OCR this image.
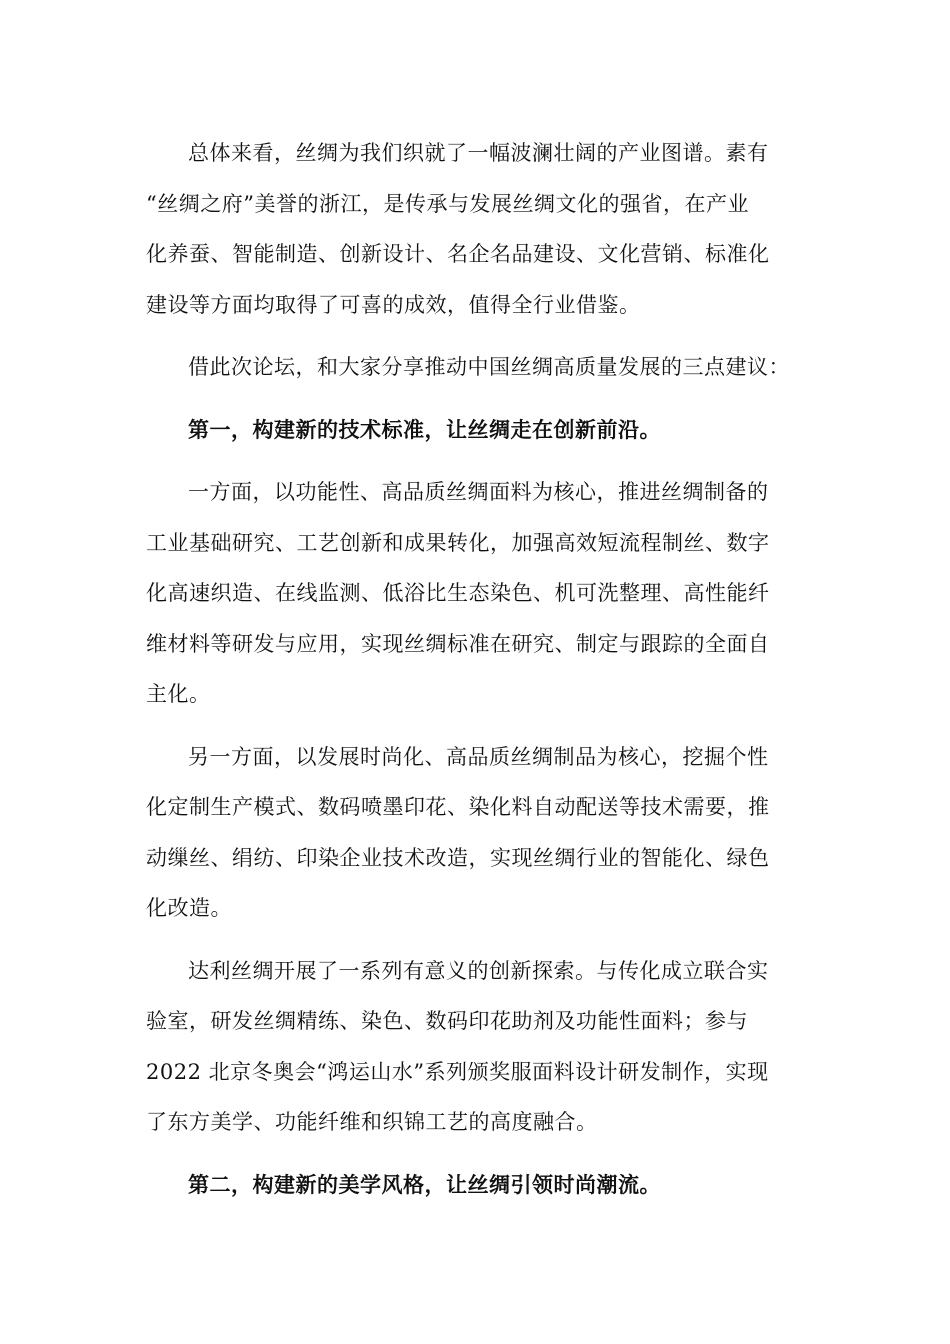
总体来看，丝绸为我们织就了一幅波澜壮阔的产业图谱。素有
“丝绸之府”美誉的浙江，是传承与发展丝绸文化的强省，在产业
化养蚕、智能制造、创新设计、名企名品建设、文化营销、标准化
建设等方面均取得了可喜的成效，值得全行业借鉴。

借此次论坛，和大家分享推动中国丝绸高质量发展的三点建议：

第一，构建新的技术标准，让丝绸走在创新前沿。

一方面，以功能性、高品质丝绸面料为核心，推进丝绸制备的
工业基础研究、工艺创新和成果转化，加强高效短流程制丝、数字
化高速织造、在线监测、低浴比生态染色、机可洗整理、高性能纤
维材料等研发与应用，实现丝绸标准在研究、制定与跟踪的全面自
主化。

另一方面，以发展时尚化、高品质丝绸制品为核心，挖掘个性
化定制生产模式、数码喷墨印花、染化料自动配送等技术需要，推
动缫丝、绢纺、印染企业技术改造，实现丝绸行业的智能化、绿色
化改造。

达利丝绸开展了一系列有意义的创新探索。与传化成立联合实
验室，研发丝绸精练、染色、数码印花助剂及功能性面料；参与
2022 北京冬奥会“鸿运山水”系列颁奖服面料设计研发制作，实现
了东方美学、功能纤维和织锦工艺的高度融合。

第二，构建新的美学风格，让丝绸引领时尚潮流。
